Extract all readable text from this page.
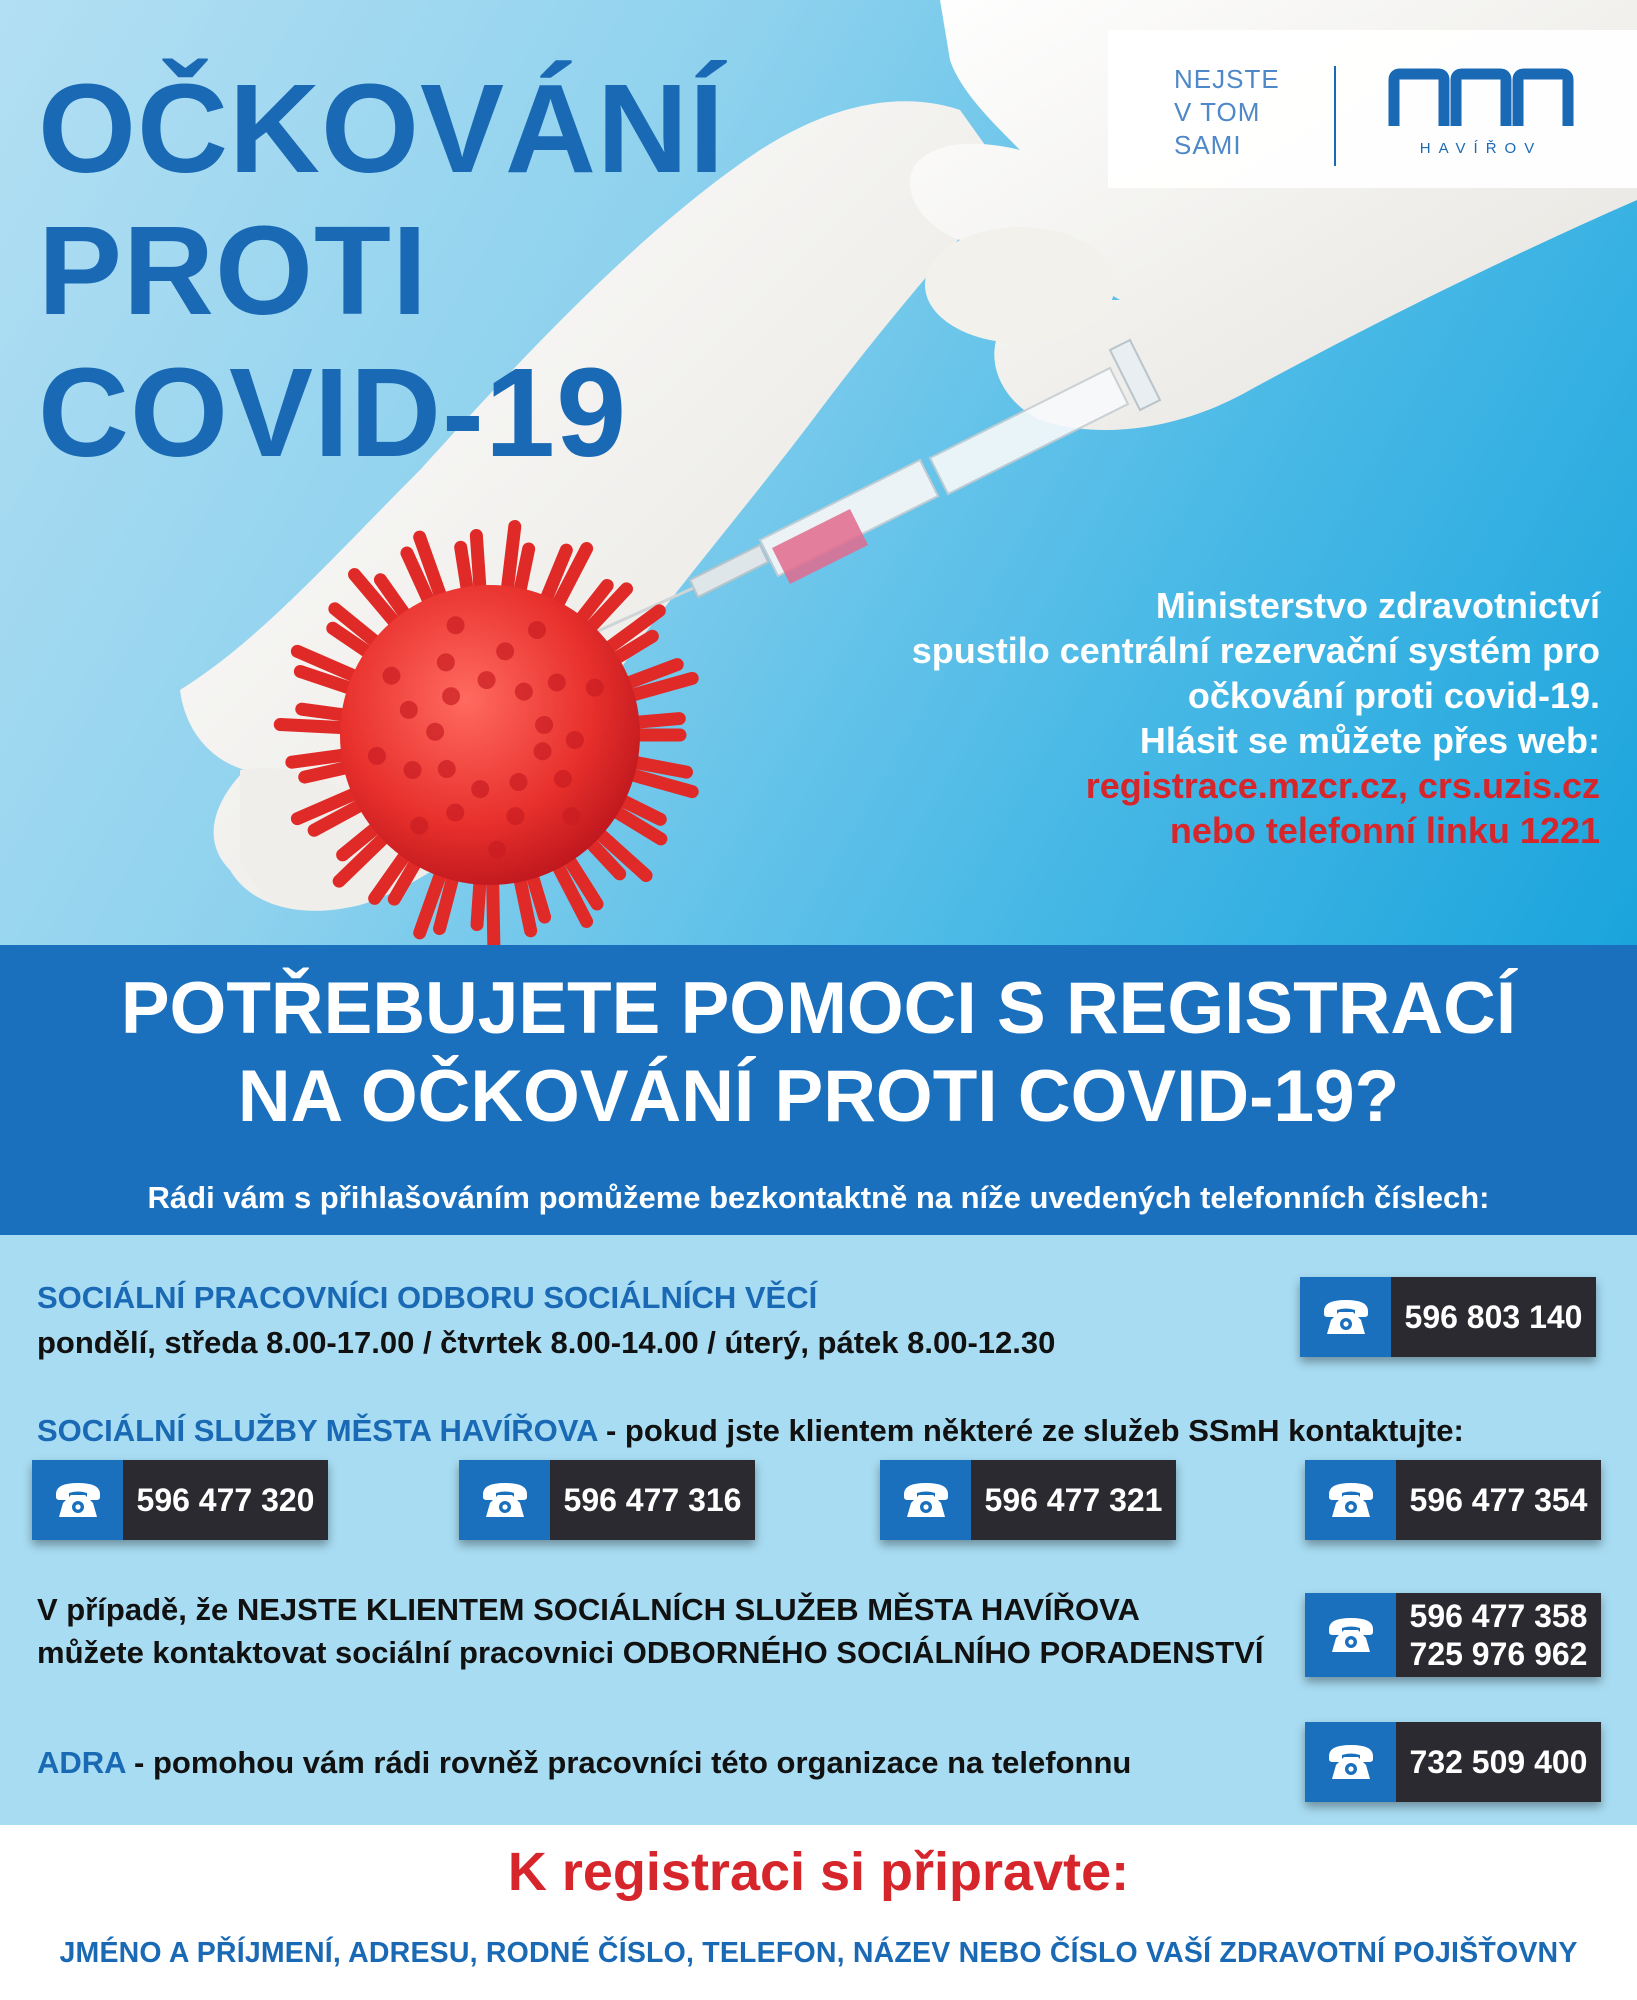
OČKOVÁNÍ
PROTI
COVID-19
NEJSTE
V TOM
SAMI	HAVÍŘOV
Ministerstvo zdravotnictví
spustilo centrální rezervační systém pro
očkování proti covid-19.
Hlásit se můžete přes web:
registrace.mzcr.cz, crs.uzis.cz
nebo telefonní linku 1221
POTŘEBUJETE POMOCI S REGISTRACÍ
NA OČKOVÁNÍ PROTI COVID-19?
Rádi vám s přihlašováním pomůžeme bezkontaktně na níže uvedených telefonních číslech:
SOCIÁLNÍ PRACOVNÍCI ODBORU SOCIÁLNÍCH VĚCÍ
pondělí, středa 8.00-17.00 / čtvrtek 8.00-14.00 / úterý, pátek 8.00-12.30
596 803 140
SOCIÁLNÍ SLUŽBY MĚSTA HAVÍŘOVA - pokud jste klientem některé ze služeb SSmH kontaktujte:
596 477 320	596 477 316	596 477 321	596 477 354
V případě, že NEJSTE KLIENTEM SOCIÁLNÍCH SLUŽEB MĚSTA HAVÍŘOVA
můžete kontaktovat sociální pracovnici ODBORNÉHO SOCIÁLNÍHO PORADENSTVÍ
596 477 358
725 976 962
ADRA - pomohou vám rádi rovněž pracovníci této organizace na telefonnu	732 509 400
K registraci si připravte:
JMÉNO A PŘÍJMENÍ, ADRESU, RODNÉ ČÍSLO, TELEFON, NÁZEV NEBO ČÍSLO VAŠÍ ZDRAVOTNÍ POJIŠŤOVNY
